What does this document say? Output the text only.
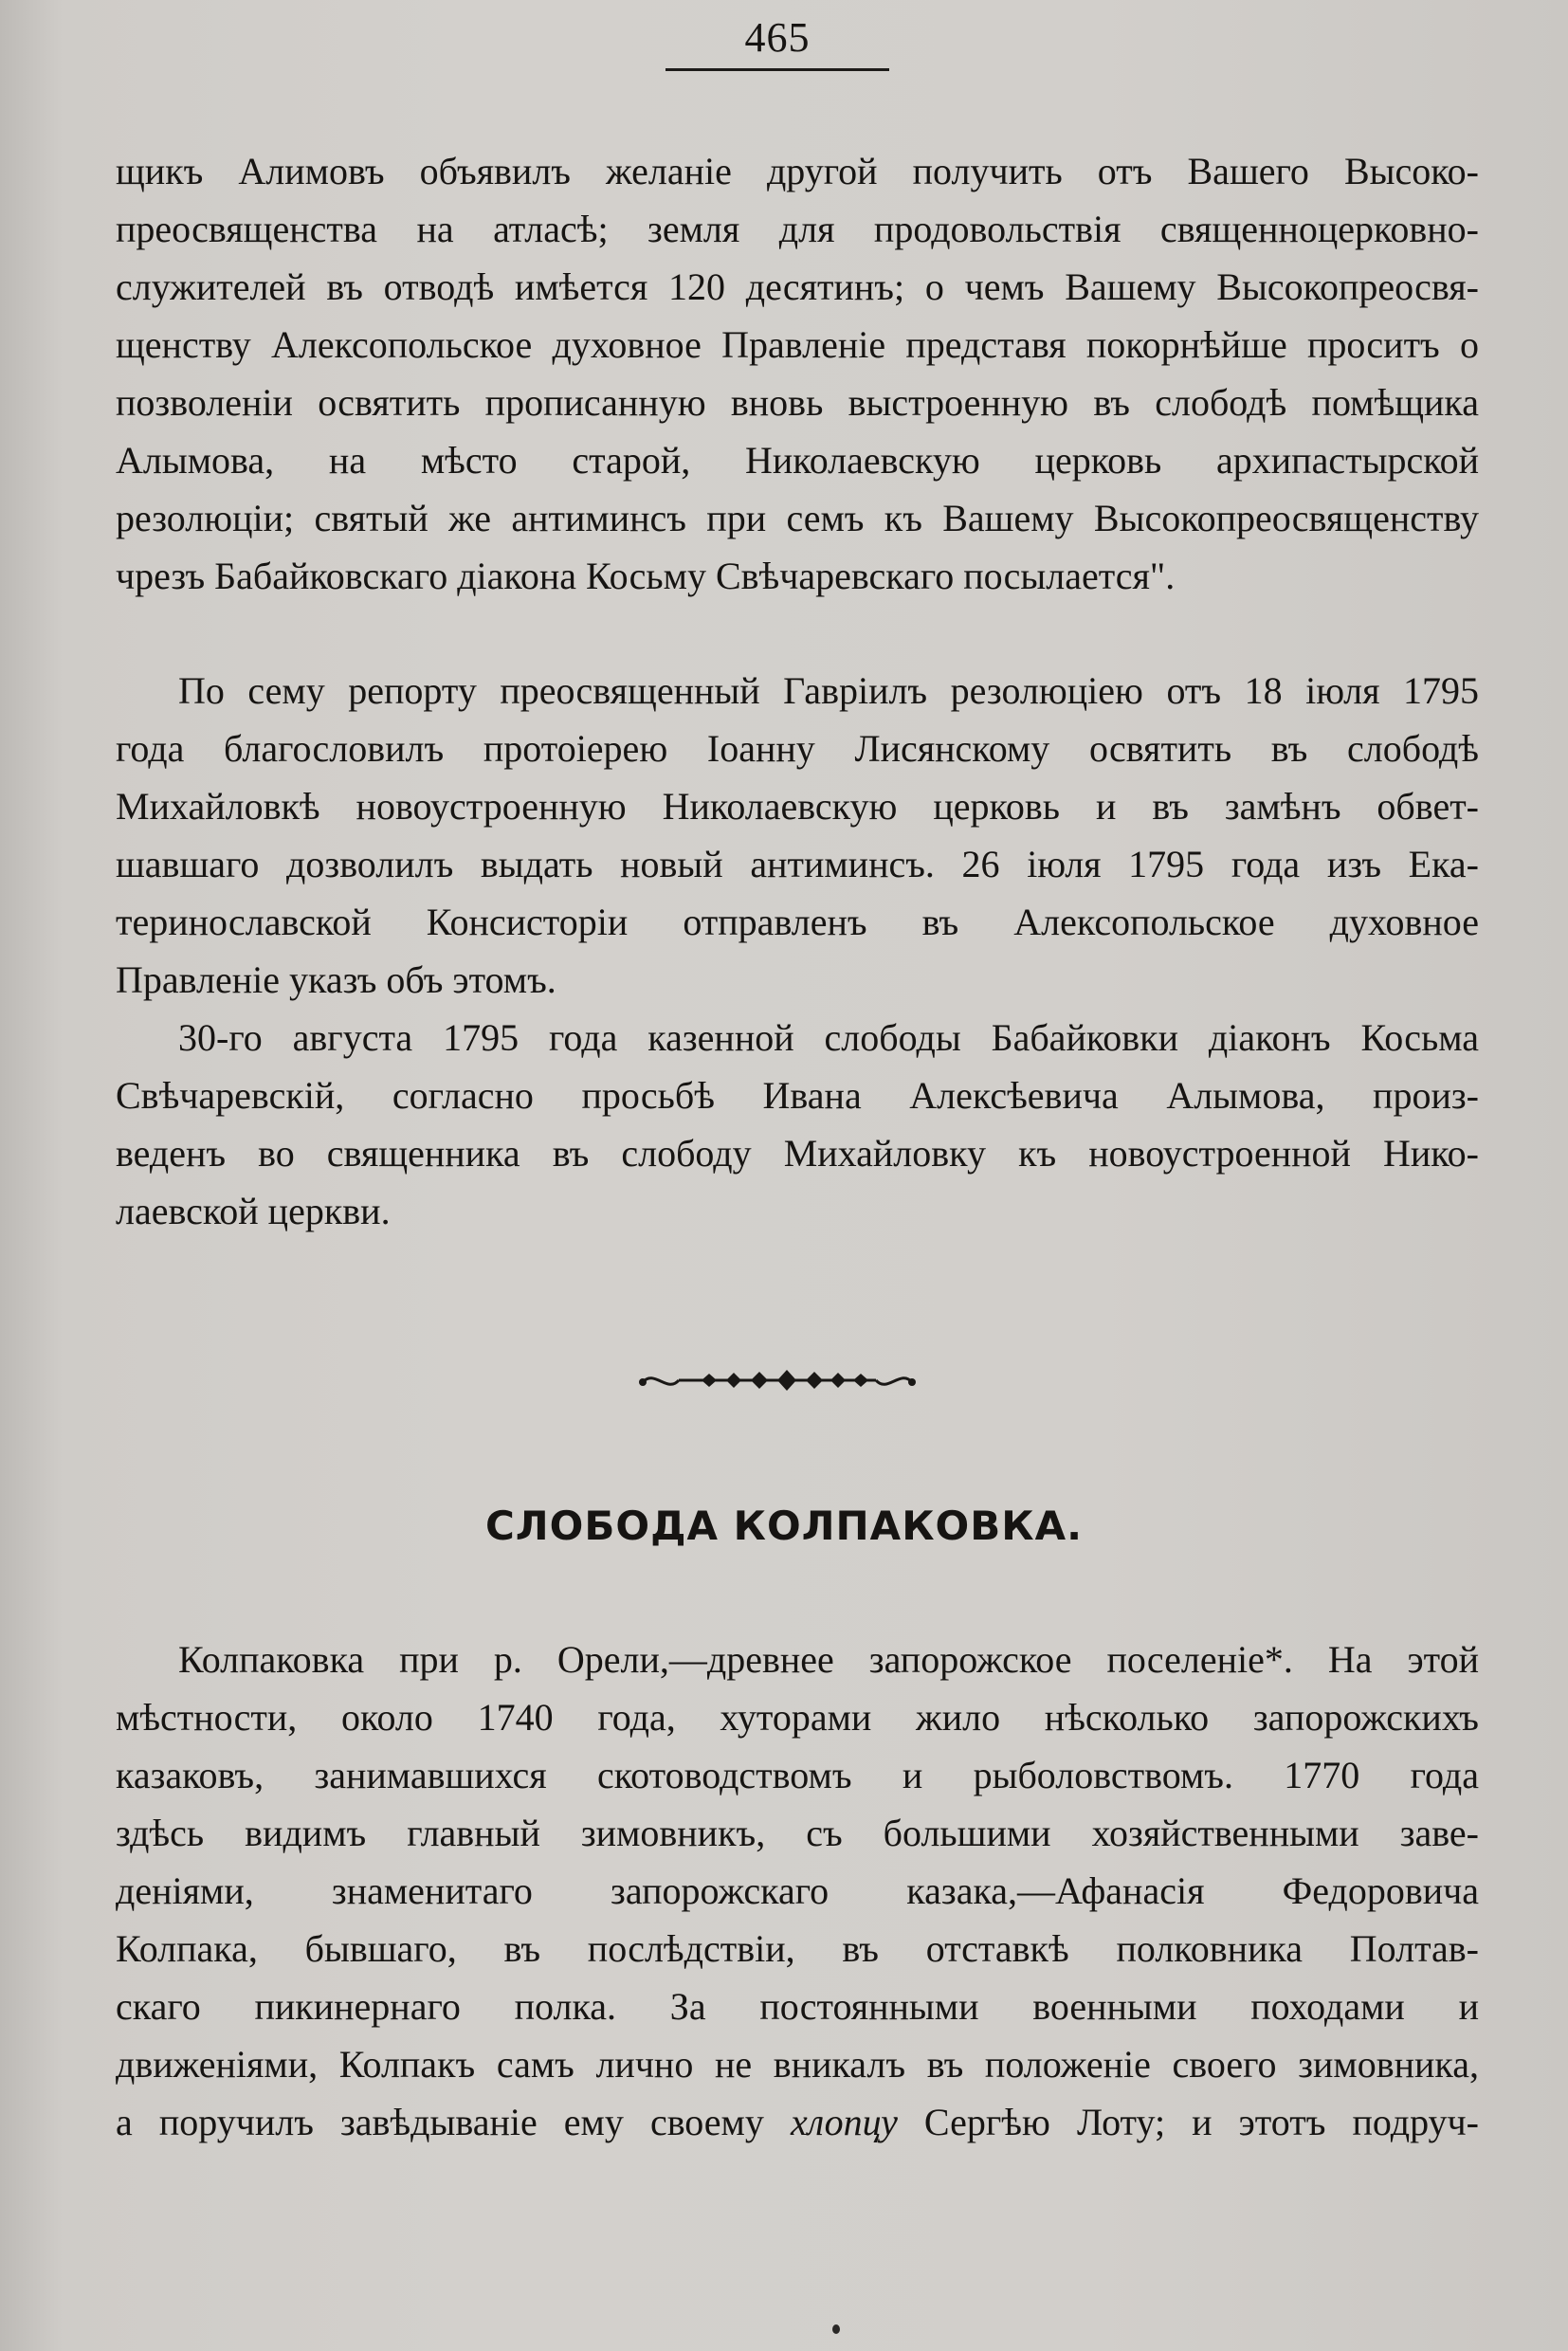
465
щикъ Алимовъ объявилъ желаніе другой получить отъ Вашего Высоко-
преосвященства на атласѣ; земля для продовольствія священноцерковно-
служителей въ отводѣ имѣется 120 десятинъ; о чемъ Вашему Высокопреосвя-
щенству Алексопольское духовное Правленіе представя покорнѣйше проситъ о
позволеніи освятить прописанную вновь выстроенную въ слободѣ помѣщика
Алымова, на мѣсто старой, Николаевскую церковь архипастырской
резолюціи; святый же антиминсъ при семъ къ Вашему Высокопреосвященству
чрезъ Бабайковскаго діакона Косьму Свѣчаревскаго посылается".
По сему репорту преосвященный Гавріилъ резолюціею отъ 18 іюля 1795
года благословилъ протоіерею Іоанну Лисянскому освятить въ слободѣ
Михайловкѣ новоустроенную Николаевскую церковь и въ замѣнъ обвет-
шавшаго дозволилъ выдать новый антиминсъ. 26 іюля 1795 года изъ Ека-
теринославской Консисторіи отправленъ въ Алексопольское духовное
Правленіе указъ объ этомъ.
30-го августа 1795 года казенной слободы Бабайковки діаконъ Косьма
Свѣчаревскій, согласно просьбѣ Ивана Алексѣевича Алымова, произ-
веденъ во священника въ слободу Михайловку къ новоустроенной Нико-
лаевской церкви.
СЛОБОДА КОЛПАКОВКА.
Колпаковка при р. Орели,—древнее запорожское поселеніе*. На этой
мѣстности, около 1740 года, хуторами жило нѣсколько запорожскихъ
казаковъ, занимавшихся скотоводствомъ и рыболовствомъ. 1770 года
здѣсь видимъ главный зимовникъ, съ большими хозяйственными заве-
деніями, знаменитаго запорожскаго казака,—Афанасія Федоровича
Колпака, бывшаго, въ послѣдствіи, въ отставкѣ полковника Полтав-
скаго пикинернаго полка. За постоянными военными походами и
движеніями, Колпакъ самъ лично не вникалъ въ положеніе своего зимовника,
а поручилъ завѣдываніе ему своему хлопцу Сергѣю Лоту; и этотъ подруч-
